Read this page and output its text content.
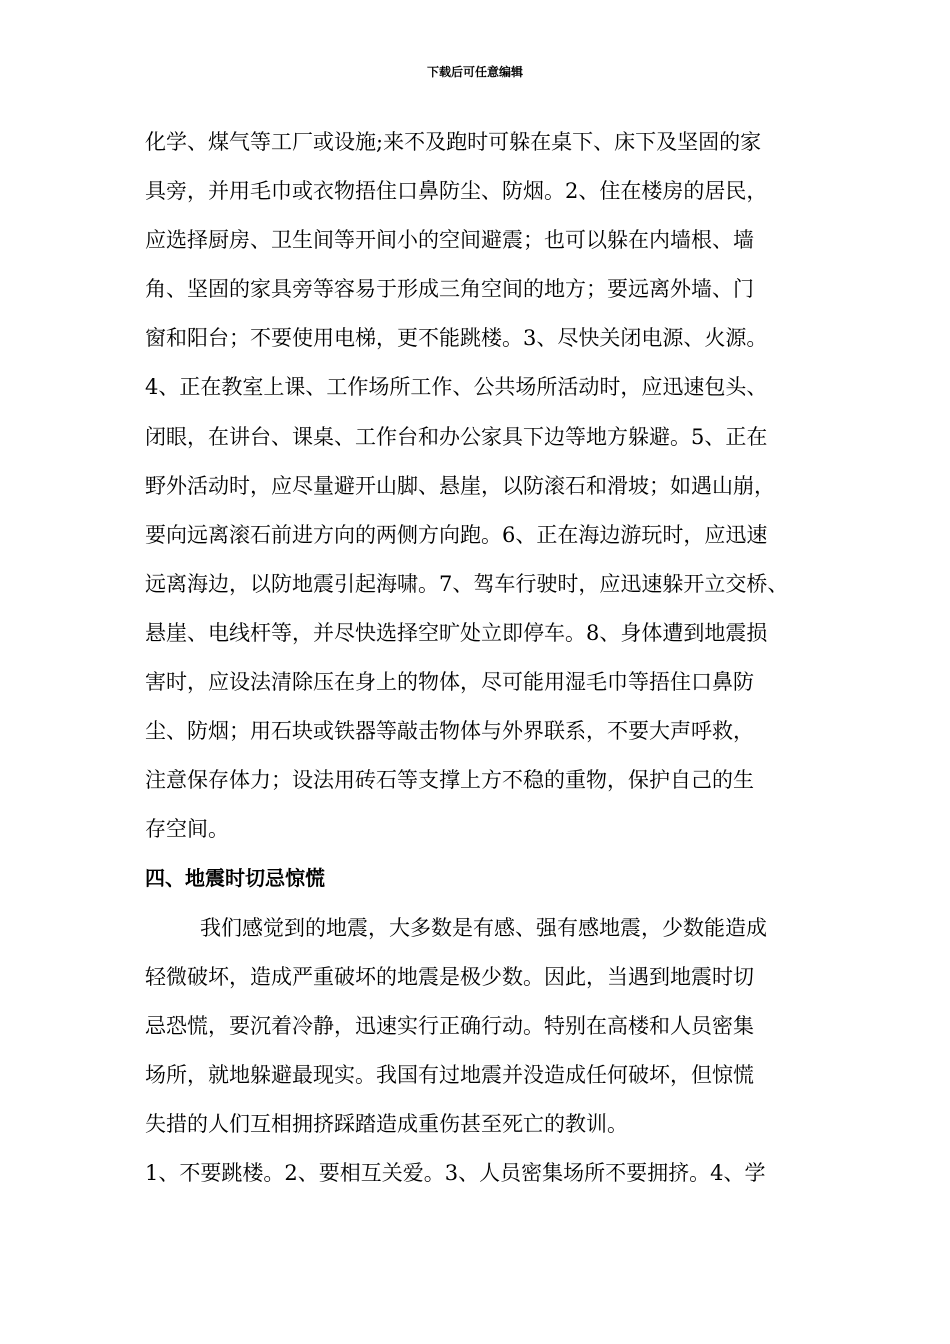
下载后可任意编辑
化学、煤气等工厂或设施;来不及跑时可躲在桌下、床下及坚固的家
具旁，并用毛巾或衣物捂住口鼻防尘、防烟。2、住在楼房的居民，
应选择厨房、卫生间等开间小的空间避震；也可以躲在内墙根、墙
角、坚固的家具旁等容易于形成三角空间的地方；要远离外墙、门
窗和阳台；不要使用电梯，更不能跳楼。3、尽快关闭电源、火源。
4、正在教室上课、工作场所工作、公共场所活动时，应迅速包头、
闭眼，在讲台、课桌、工作台和办公家具下边等地方躲避。5、正在
野外活动时，应尽量避开山脚、悬崖，以防滚石和滑坡；如遇山崩，
要向远离滚石前进方向的两侧方向跑。6、正在海边游玩时，应迅速
远离海边，以防地震引起海啸。7、驾车行驶时，应迅速躲开立交桥、
悬崖、电线杆等，并尽快选择空旷处立即停车。8、身体遭到地震损
害时，应设法清除压在身上的物体，尽可能用湿毛巾等捂住口鼻防
尘、防烟；用石块或铁器等敲击物体与外界联系，不要大声呼救，
注意保存体力；设法用砖石等支撑上方不稳的重物，保护自己的生
存空间。
四、地震时切忌惊慌
我们感觉到的地震，大多数是有感、强有感地震，少数能造成
轻微破坏，造成严重破坏的地震是极少数。因此，当遇到地震时切
忌恐慌，要沉着冷静，迅速实行正确行动。特别在高楼和人员密集
场所，就地躲避最现实。我国有过地震并没造成任何破坏，但惊慌
失措的人们互相拥挤踩踏造成重伤甚至死亡的教训。
1、不要跳楼。2、要相互关爱。3、人员密集场所不要拥挤。4、学
